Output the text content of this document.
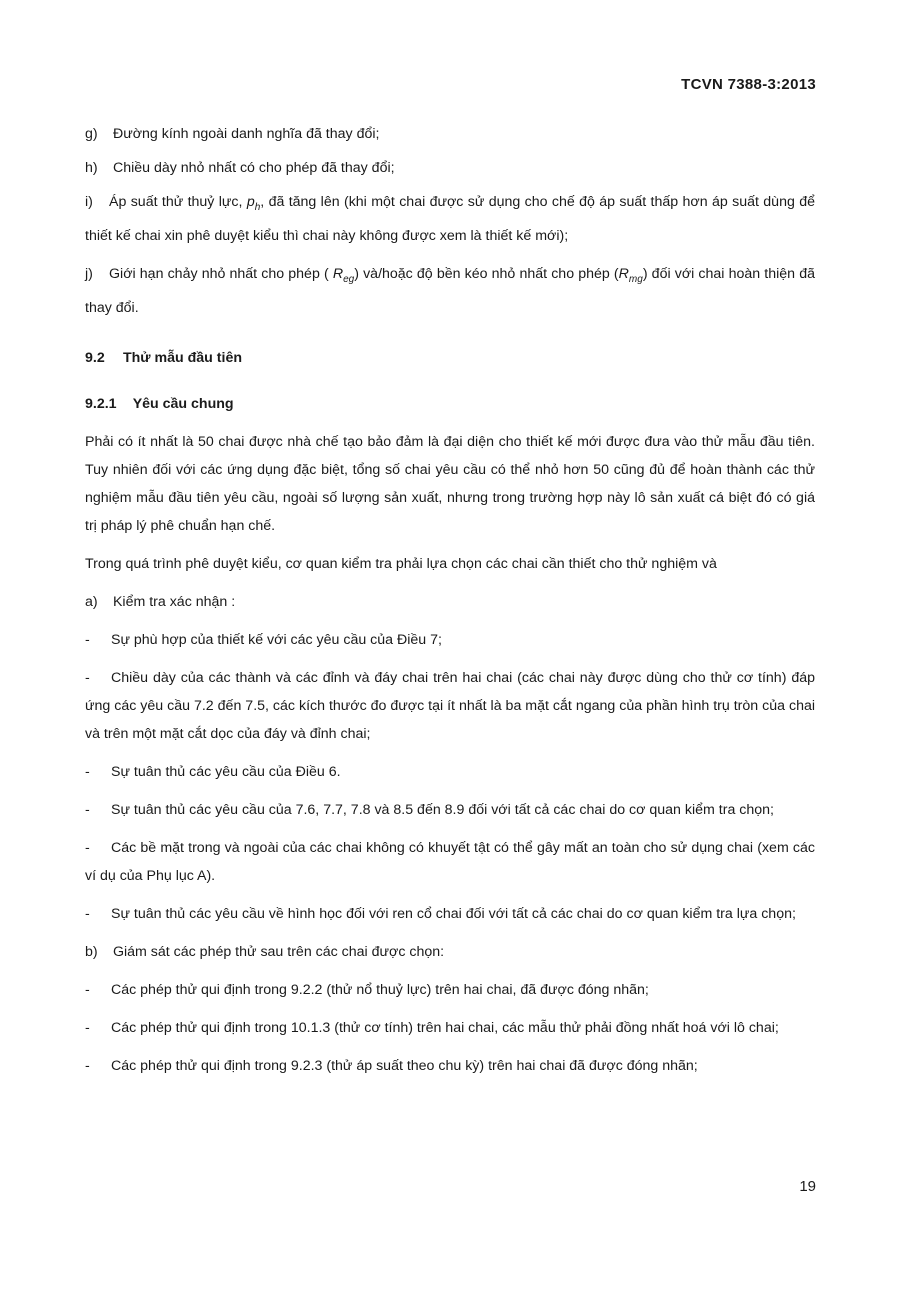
TCVN 7388-3:2013
g) Đường kính ngoài danh nghĩa đã thay đổi;
h) Chiều dày nhỏ nhất có cho phép đã thay đổi;
i) Áp suất thử thuỷ lực, $p_h$, đã tăng lên (khi một chai được sử dụng cho chế độ áp suất thấp hơn áp suất dùng để thiết kế chai xin phê duyệt kiểu thì chai này không được xem là thiết kế mới);
j) Giới hạn chảy nhỏ nhất cho phép ( $R_{eg}$) và/hoặc độ bền kéo nhỏ nhất cho phép $(R_{mg})$ đối với chai hoàn thiện đã thay đổi.
9.2 Thử mẫu đầu tiên
9.2.1 Yêu cầu chung
Phải có ít nhất là 50 chai được nhà chế tạo bảo đảm là đại diện cho thiết kế mới được đưa vào thử mẫu đầu tiên. Tuy nhiên đối với các ứng dụng đặc biệt, tổng số chai yêu cầu có thể nhỏ hơn 50 cũng đủ để hoàn thành các thử nghiệm mẫu đầu tiên yêu cầu, ngoài số lượng sản xuất, nhưng trong trường hợp này lô sản xuất cá biệt đó có giá trị pháp lý phê chuẩn hạn chế.
Trong quá trình phê duyệt kiểu, cơ quan kiểm tra phải lựa chọn các chai cần thiết cho thử nghiệm và
a) Kiểm tra xác nhận :
- Sự phù hợp của thiết kế với các yêu cầu của Điều 7;
- Chiều dày của các thành và các đỉnh và đáy chai trên hai chai (các chai này được dùng cho thử cơ tính) đáp ứng các yêu cầu 7.2 đến 7.5, các kích thước đo được tại ít nhất là ba mặt cắt ngang của phần hình trụ tròn của chai và trên một mặt cắt dọc của đáy và đỉnh chai;
- Sự tuân thủ các yêu cầu của Điều 6.
- Sự tuân thủ các yêu cầu của 7.6, 7.7, 7.8 và 8.5 đến 8.9 đối với tất cả các chai do cơ quan kiểm tra chọn;
- Các bề mặt trong và ngoài của các chai không có khuyết tật có thể gây mất an toàn cho sử dụng chai (xem các ví dụ của Phụ lục A).
- Sự tuân thủ các yêu cầu về hình học đối với ren cổ chai đối với tất cả các chai do cơ quan kiểm tra lựa chọn;
b) Giám sát các phép thử sau trên các chai được chọn:
- Các phép thử qui định trong 9.2.2 (thử nổ thuỷ lực) trên hai chai, đã được đóng nhãn;
- Các phép thử qui định trong 10.1.3 (thử cơ tính) trên hai chai, các mẫu thử phải đồng nhất hoá với lô chai;
- Các phép thử qui định trong 9.2.3 (thử áp suất theo chu kỳ) trên hai chai đã được đóng nhãn;
19
